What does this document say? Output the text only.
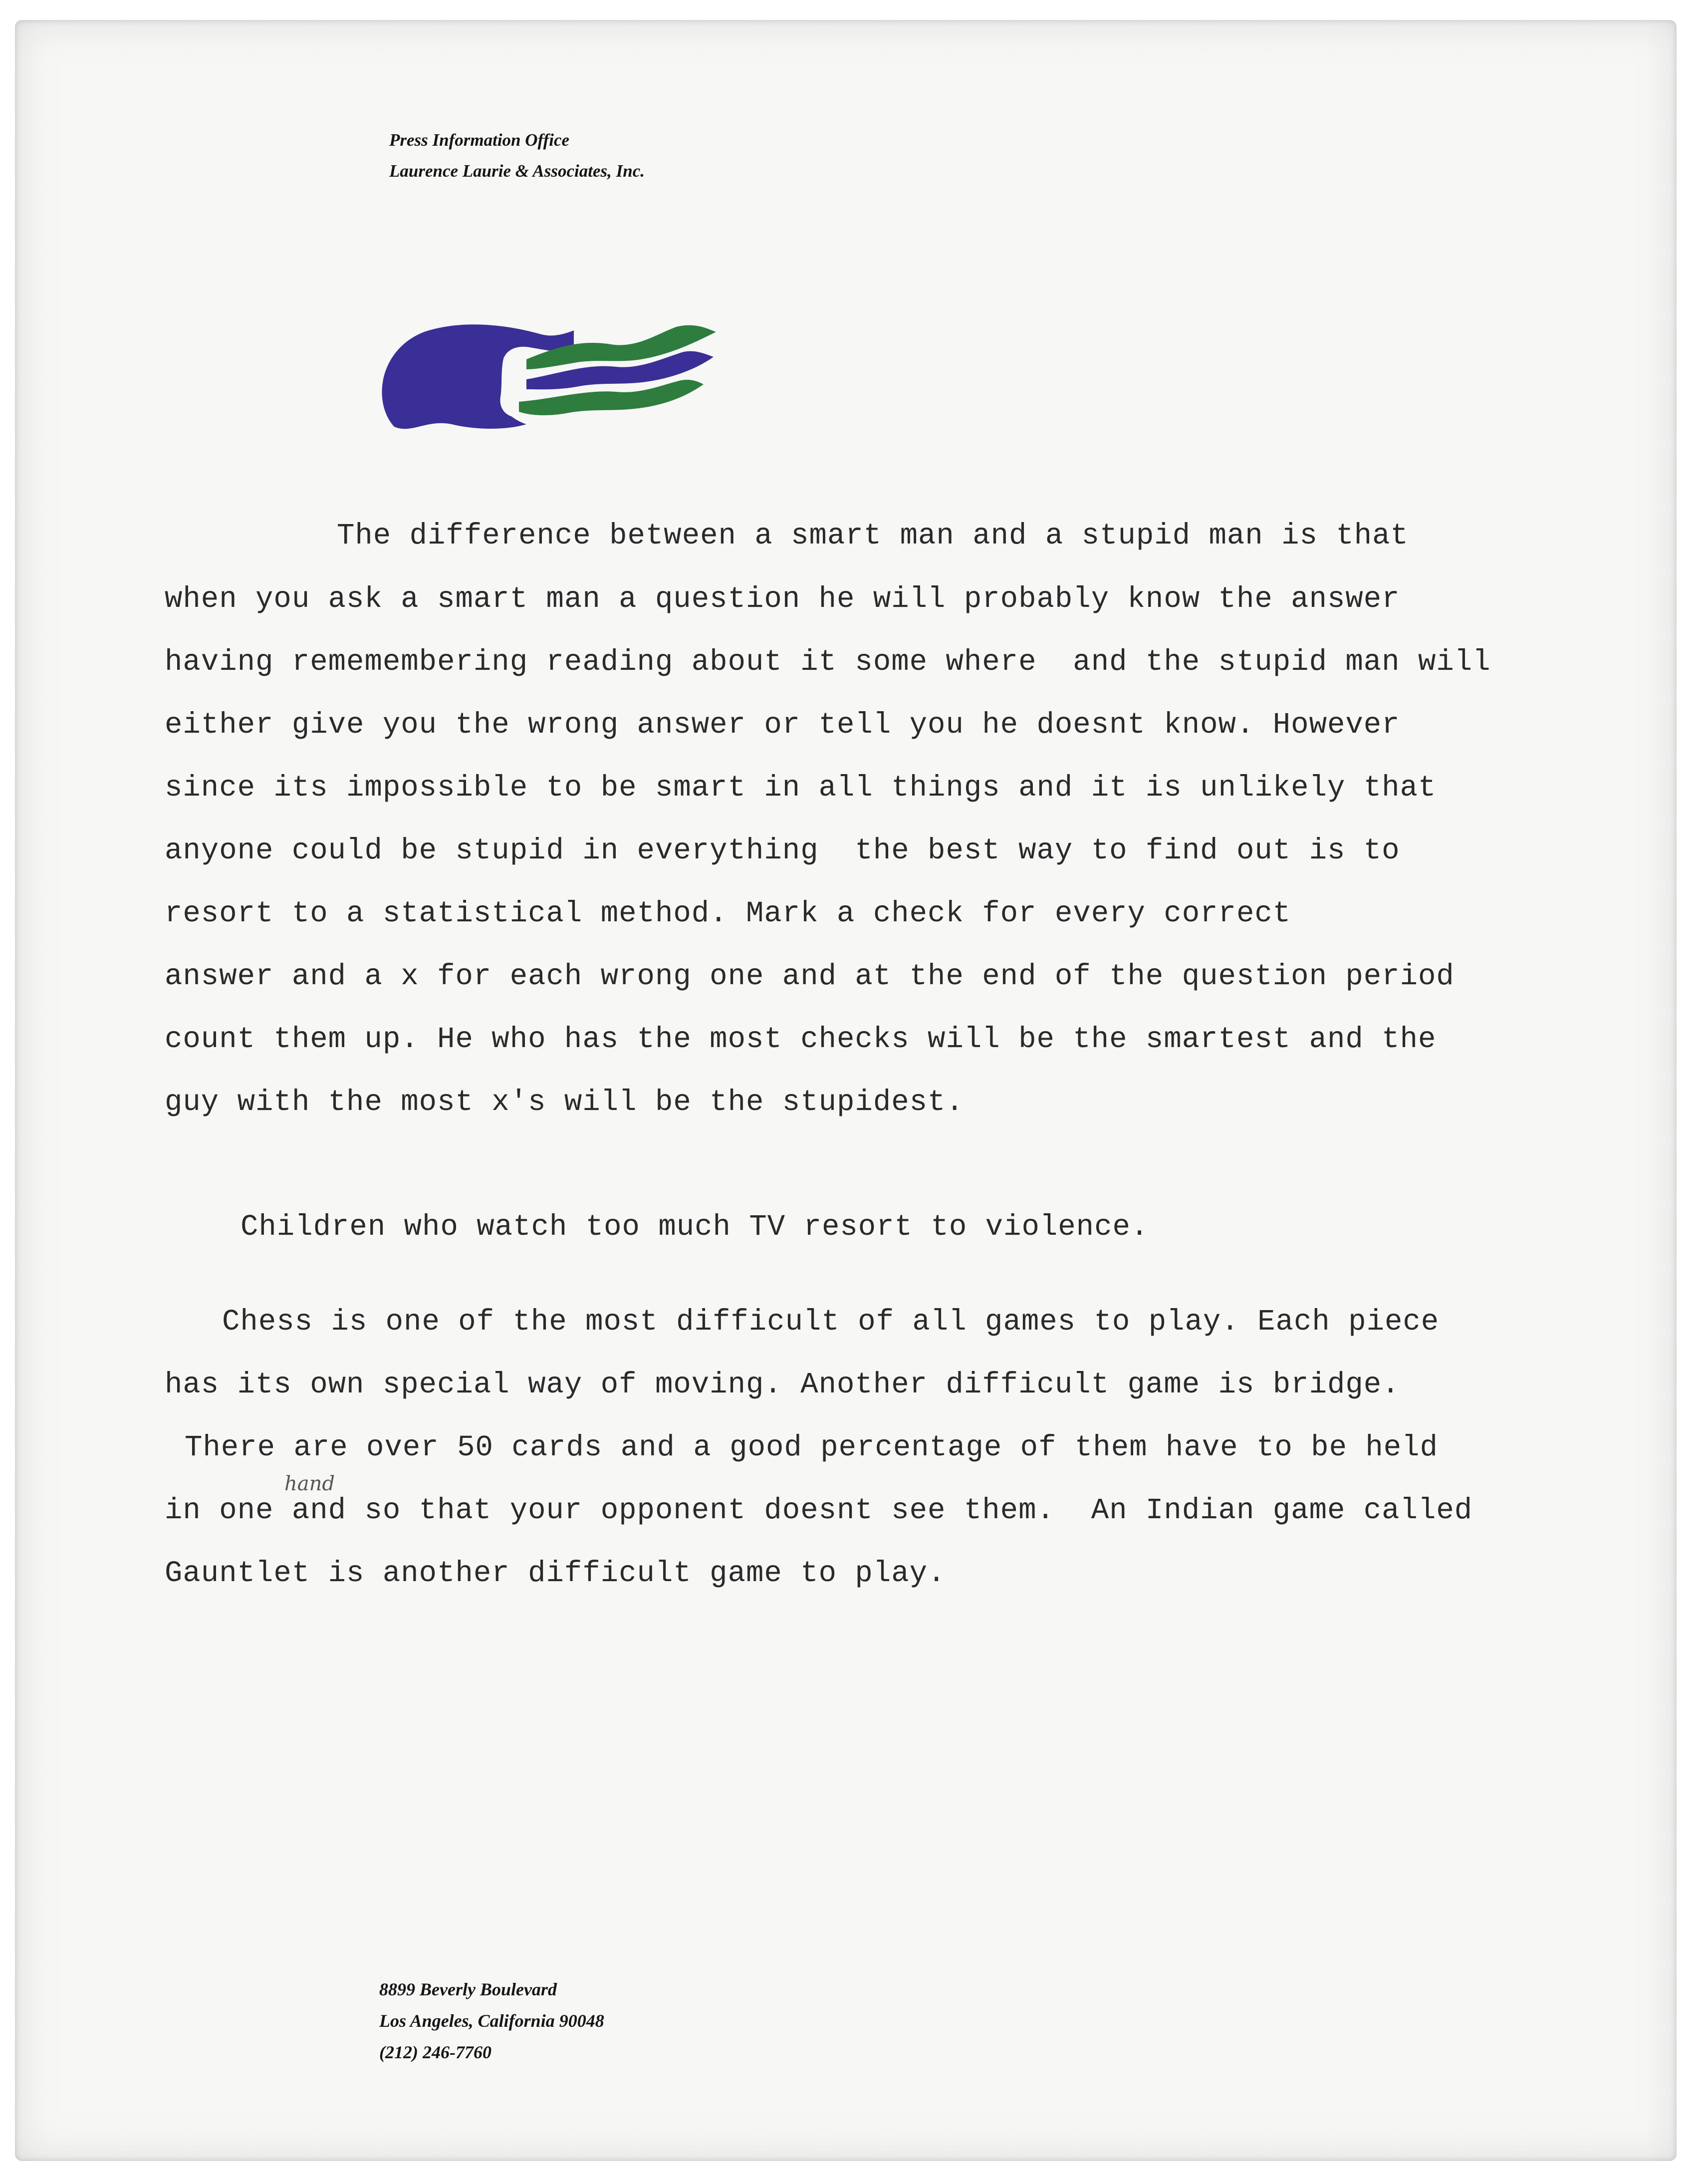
Press Information Office
Laurence Laurie & Associates, Inc.
The difference between a smart man and a stupid man is that
when you ask a smart man a question he will probably know the answer
having rememembering reading about it some where  and the stupid man will
either give you the wrong answer or tell you he doesnt know. However
since its impossible to be smart in all things and it is unlikely that
anyone could be stupid in everything  the best way to find out is to
resort to a statistical method. Mark a check for every correct
answer and a x for each wrong one and at the end of the question period
count them up. He who has the most checks will be the smartest and the
guy with the most x's will be the stupidest.
Children who watch too much TV resort to violence.
Chess is one of the most difficult of all games to play. Each piece
has its own special way of moving. Another difficult game is bridge.
There are over 50 cards and a good percentage of them have to be held
in one and so that your opponent doesnt see them.  An Indian game called
Gauntlet is another difficult game to play.
hand
8899 Beverly Boulevard
Los Angeles, California 90048
(212) 246-7760
